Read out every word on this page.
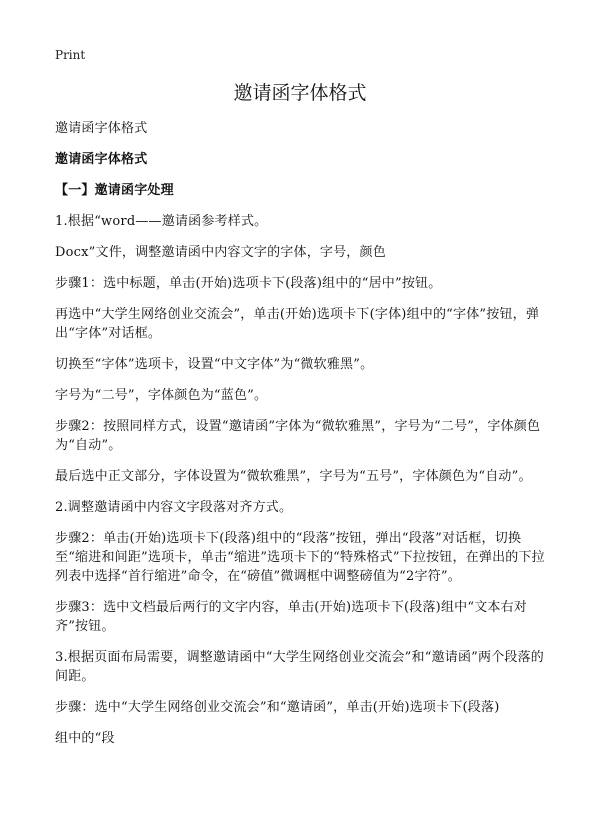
Print
邀请函字体格式

邀请函字体格式

邀请函字体格式

【一】邀请函字处理

1.根据“word——邀请函参考样式。

Docx”文件，调整邀请函中内容文字的字体，字号，颜色

步骤1：选中标题，单击(开始)选项卡下(段落)组中的“居中”按钮。

再选中“大学生网络创业交流会”，单击(开始)选项卡下(字体)组中的“字体”按钮，弹出“字体”对话框。

切换至“字体”选项卡，设置“中文字体”为“微软雅黑”。

字号为“二号”，字体颜色为“蓝色”。

步骤2：按照同样方式，设置“邀请函”字体为“微软雅黑”，字号为“二号”，字体颜色为“自动”。

最后选中正文部分，字体设置为“微软雅黑”，字号为“五号”，字体颜色为“自动”。

2.调整邀请函中内容文字段落对齐方式。

步骤2：单击(开始)选项卡下(段落)组中的“段落”按钮，弹出“段落”对话框，切换至“缩进和间距”选项卡，单击“缩进”选项卡下的“特殊格式”下拉按钮，在弹出的下拉列表中选择“首行缩进”命令，在“磅值”微调框中调整磅值为“2字符”。

步骤3：选中文档最后两行的文字内容，单击(开始)选项卡下(段落)组中“文本右对齐”按钮。

3.根据页面布局需要，调整邀请函中“大学生网络创业交流会”和“邀请函”两个段落的间距。

步骤：选中“大学生网络创业交流会”和“邀请函”，单击(开始)选项卡下(段落)

组中的“段
